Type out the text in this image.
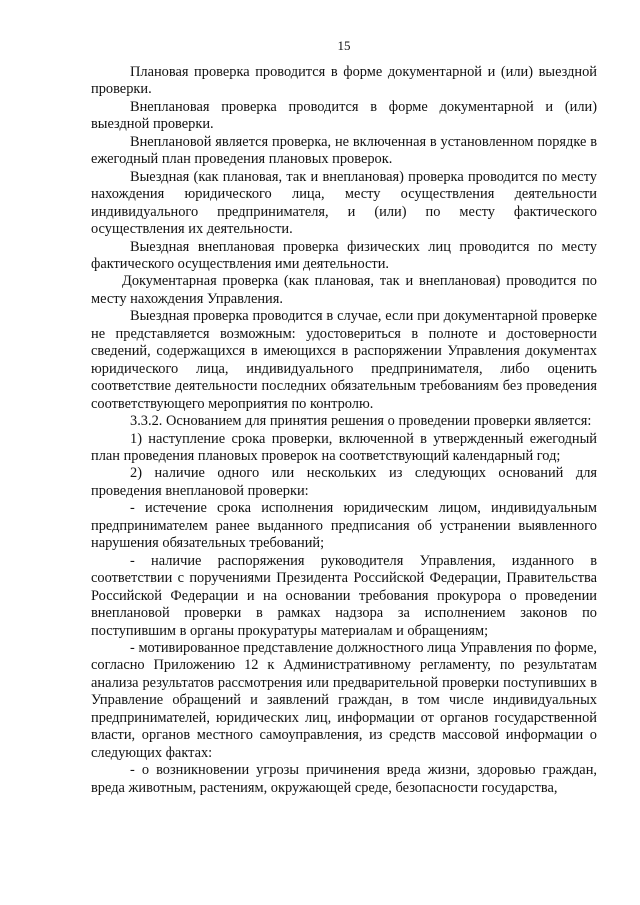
15

Плановая проверка проводится в форме документарной и (или) выездной проверки.

Внеплановая проверка проводится в форме документарной и (или) выездной проверки.

Внеплановой является проверка, не включенная в установленном порядке в ежегодный план проведения плановых проверок.

Выездная (как плановая, так и внеплановая) проверка проводится по месту нахождения юридического лица, месту осуществления деятельности индивидуального предпринимателя, и (или) по месту фактического осуществления их деятельности.

Выездная внеплановая проверка физических лиц проводится по месту фактического осуществления ими деятельности.

Документарная проверка (как плановая, так и внеплановая) проводится по месту нахождения Управления.

Выездная проверка проводится в случае, если при документарной проверке не представляется возможным: удостовериться в полноте и достоверности сведений, содержащихся в имеющихся в распоряжении Управления документах юридического лица, индивидуального предпринимателя, либо оценить соответствие деятельности последних обязательным требованиям без проведения соответствующего мероприятия по контролю.

3.3.2. Основанием для принятия решения о проведении проверки является:

1) наступление срока проверки, включенной в утвержденный ежегодный план проведения плановых проверок на соответствующий календарный год;

2) наличие одного или нескольких из следующих оснований для проведения внеплановой проверки:

- истечение срока исполнения юридическим лицом, индивидуальным предпринимателем ранее выданного предписания об устранении выявленного нарушения обязательных требований;

- наличие распоряжения руководителя Управления, изданного в соответствии с поручениями Президента Российской Федерации, Правительства Российской Федерации и на основании требования прокурора о проведении внеплановой проверки в рамках надзора за исполнением законов по поступившим в органы прокуратуры материалам и обращениям;

- мотивированное представление должностного лица Управления по форме, согласно Приложению 12 к Административному регламенту, по результатам анализа результатов рассмотрения или предварительной проверки поступивших в Управление обращений и заявлений граждан, в том числе индивидуальных предпринимателей, юридических лиц, информации от органов государственной власти, органов местного самоуправления, из средств массовой информации о следующих фактах:

- о возникновении угрозы причинения вреда жизни, здоровью граждан, вреда животным, растениям, окружающей среде, безопасности государства,
